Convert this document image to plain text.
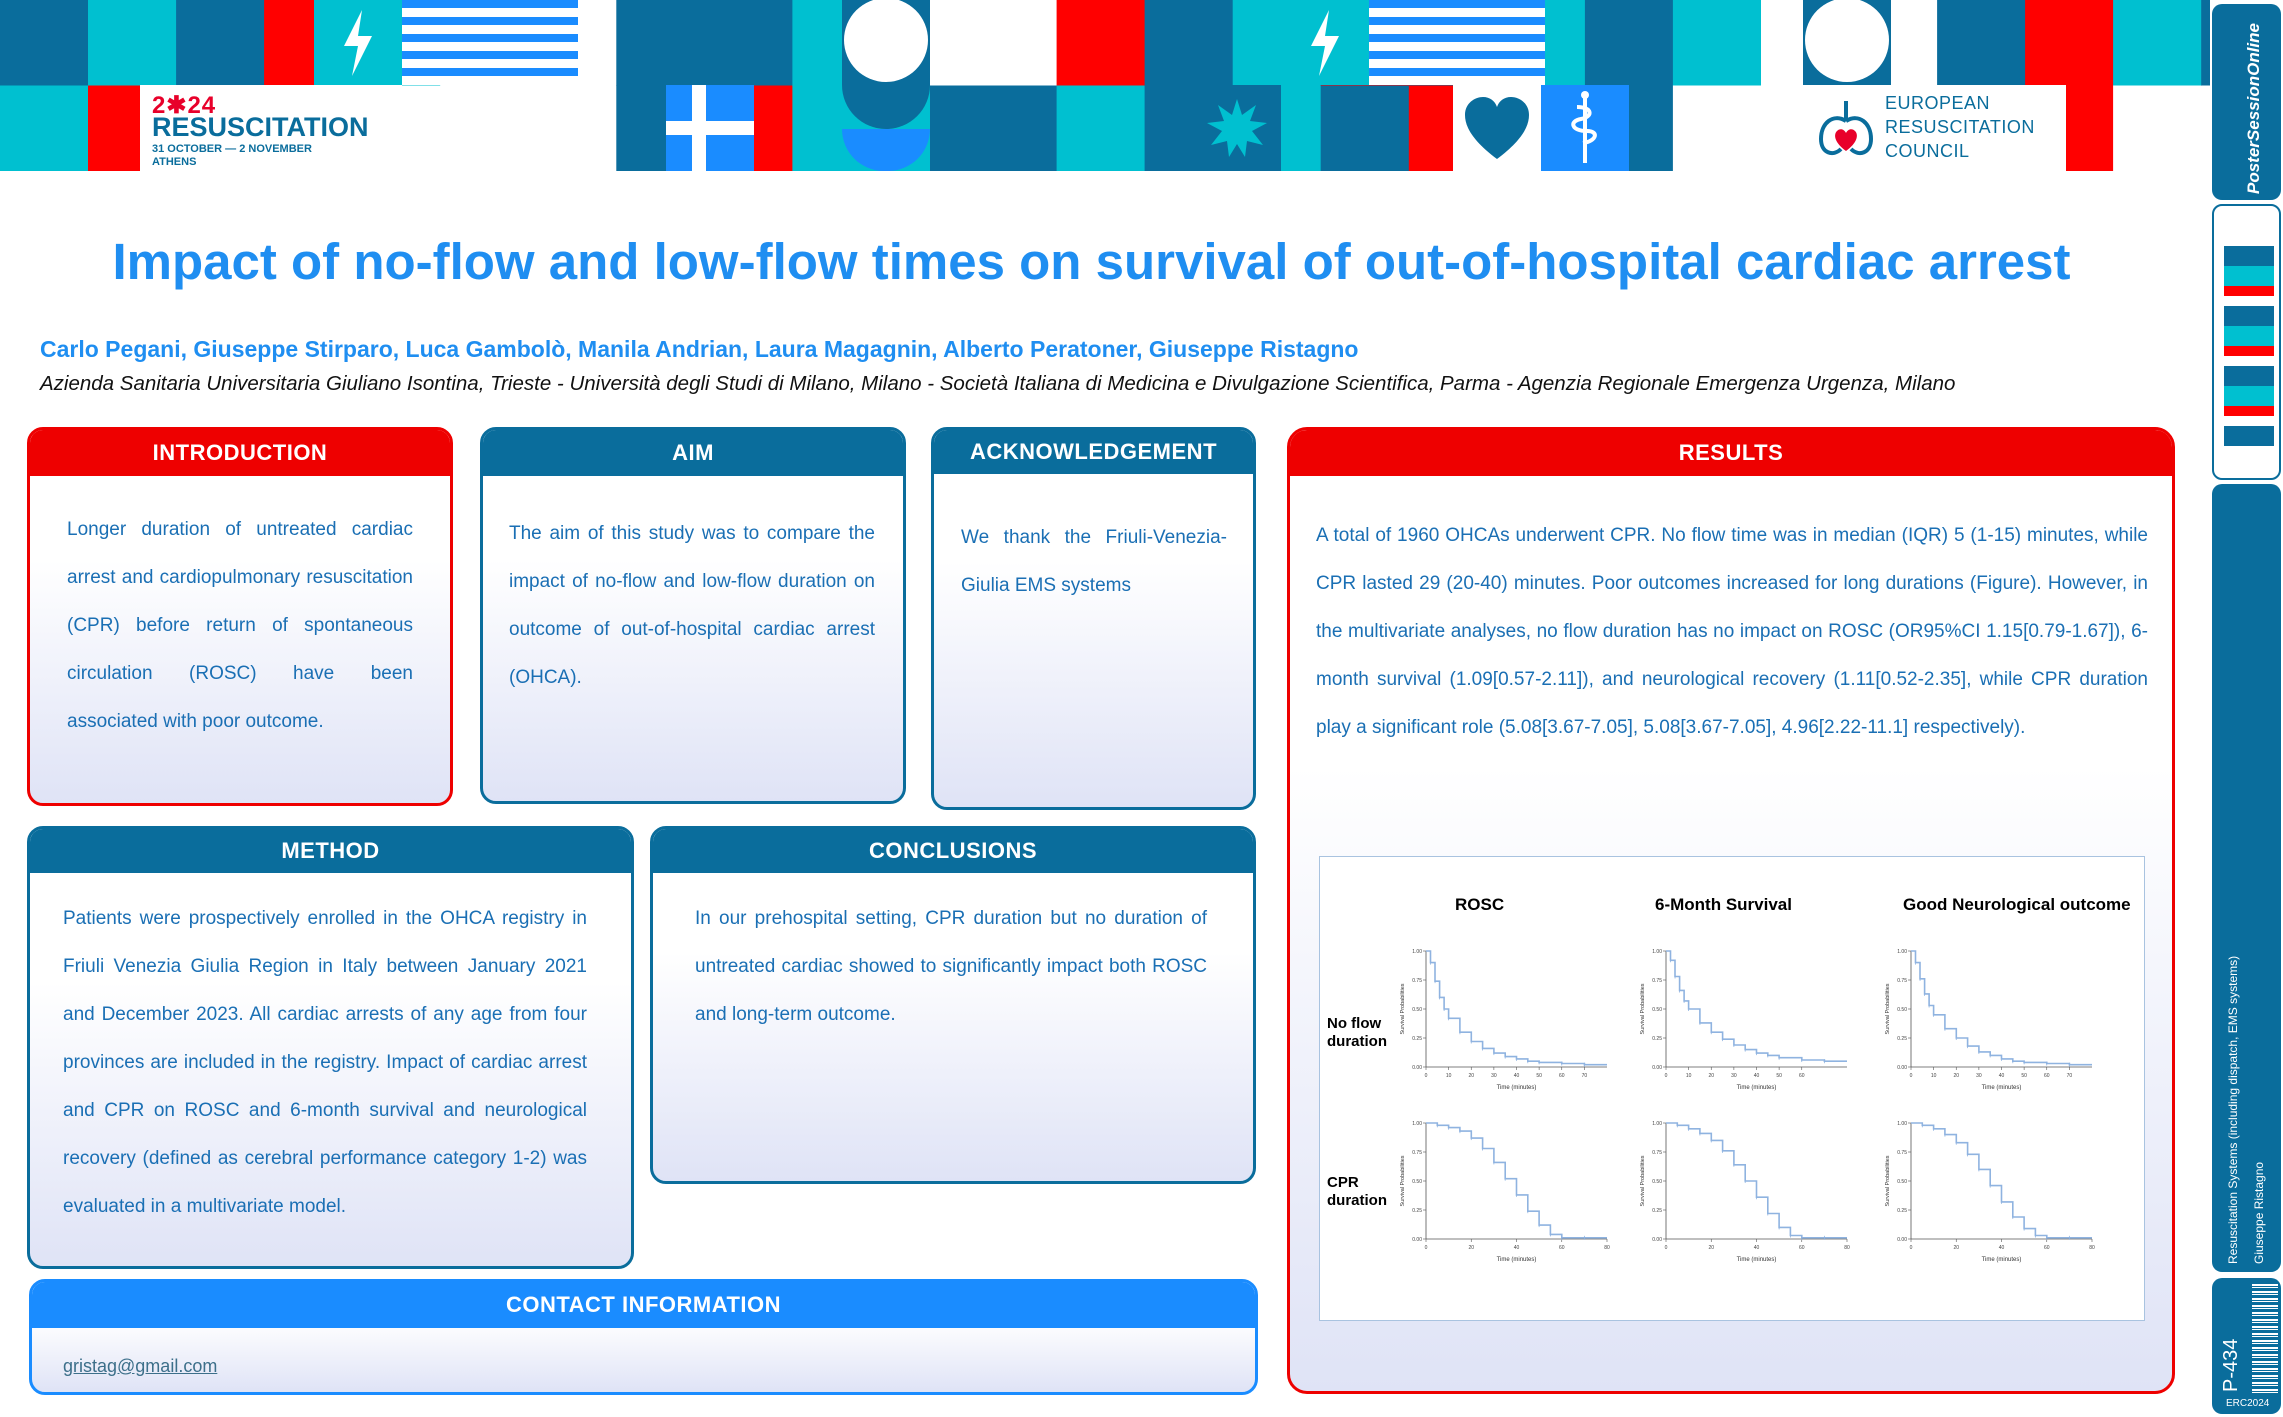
2✱24
RESUSCITATION
31 OCTOBER — 2 NOVEMBER
ATHENS
EUROPEAN
RESUSCITATION
COUNCIL	PosterSessionOnline
Resuscitation Systems (including dispatch, EMS systems) Giuseppe Ristagno
P-434
ERC2024
Impact of no-flow and low-flow times on survival of out-of-hospital cardiac arrest
Carlo Pegani, Giuseppe Stirparo, Luca Gambolò, Manila Andrian, Laura Magagnin, Alberto Peratoner, Giuseppe Ristagno
Azienda Sanitaria Universitaria Giuliano Isontina, Trieste - Università degli Studi di Milano, Milano - Società Italiana di Medicina e Divulgazione Scientifica, Parma - Agenzia Regionale Emergenza Urgenza, Milano
INTRODUCTION
Longer duration of untreated cardiac arrest and cardiopulmonary resuscitation (CPR) before return of spontaneous circulation (ROSC) have been associated with poor outcome.
AIM
The aim of this study was to compare the impact of no-flow and low-flow duration on outcome of out-of-hospital cardiac arrest (OHCA).
ACKNOWLEDGEMENT
We thank the Friuli-Venezia-Giulia EMS systems
METHOD
Patients were prospectively enrolled in the OHCA registry in Friuli Venezia Giulia Region in Italy between January 2021 and December 2023. All cardiac arrests of any age from four provinces are included in the registry. Impact of cardiac arrest and CPR on ROSC and 6-month survival and neurological recovery (defined as cerebral performance category 1-2) was evaluated in a multivariate model.
CONCLUSIONS
In our prehospital setting, CPR duration but no duration of untreated cardiac showed to significantly impact both ROSC and long-term outcome.
CONTACT INFORMATION
gristag@gmail.com
RESULTS
A total of 1960 OHCAs underwent CPR. No flow time was in median (IQR) 5 (1-15) minutes, while CPR lasted 29 (20-40) minutes. Poor outcomes increased for long durations (Figure). However, in the multivariate analyses, no flow duration has no impact on ROSC (OR95%CI 1.15[0.79-1.67]), 6-month survival (1.09[0.57-2.11]), and neurological recovery (1.11[0.52-2.35], while CPR duration play a significant role (5.08[3.67-7.05], 5.08[3.67-7.05], 4.96[2.22-11.1] respectively).
ROSC	6-Month Survival	Good Neurological outcome
No flow
duration
CPR
duration
0.00
0.25
0.50
0.75
1.00
0	10	20	30	40	50	60	70
Time (minutes)
Survival Probabilities
0.00
0.25
0.50
0.75
1.00
0	10	20	30	40	50	60
Time (minutes)
Survival Probabilities
0.00
0.25
0.50
0.75
1.00
0	10	20	30	40	50	60	70
Time (minutes)
Survival Probabilities
0.00
0.25
0.50
0.75
1.00
0	20	40	60	80
Time (minutes)
Survival Probabilities
0.00
0.25
0.50
0.75
1.00
0	20	40	60	80
Time (minutes)
Survival Probabilities
0.00
0.25
0.50
0.75
1.00
0	20	40	60	80
Time (minutes)
Survival Probabilities
